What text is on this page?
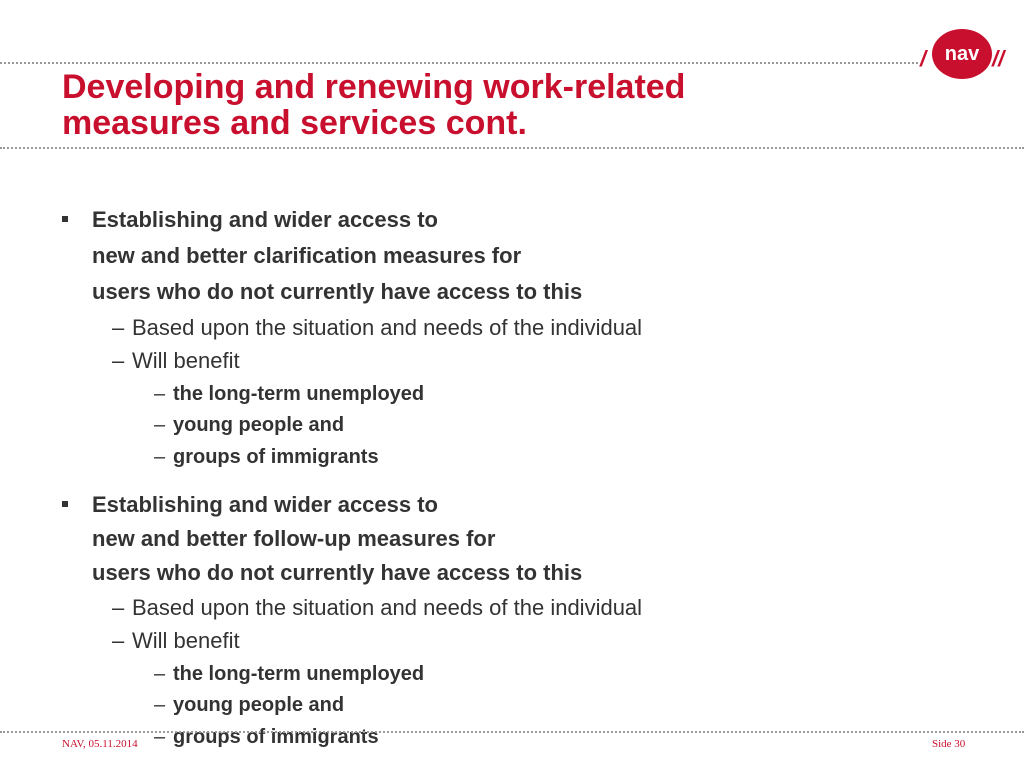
/ nav //
Developing and renewing work-related
measures and services cont.
Establishing and wider access to
new and better clarification measures for
users who do not currently have access to this
– Based upon the situation and needs of the individual
– Will benefit
– the long-term unemployed
– young people and
– groups of immigrants
Establishing and wider access to
new and better follow-up measures for
users who do not currently have access to this
– Based upon the situation and needs of the individual
– Will benefit
– the long-term unemployed
– young people and
– groups of immigrants
NAV, 05.11.2014	Side 30
